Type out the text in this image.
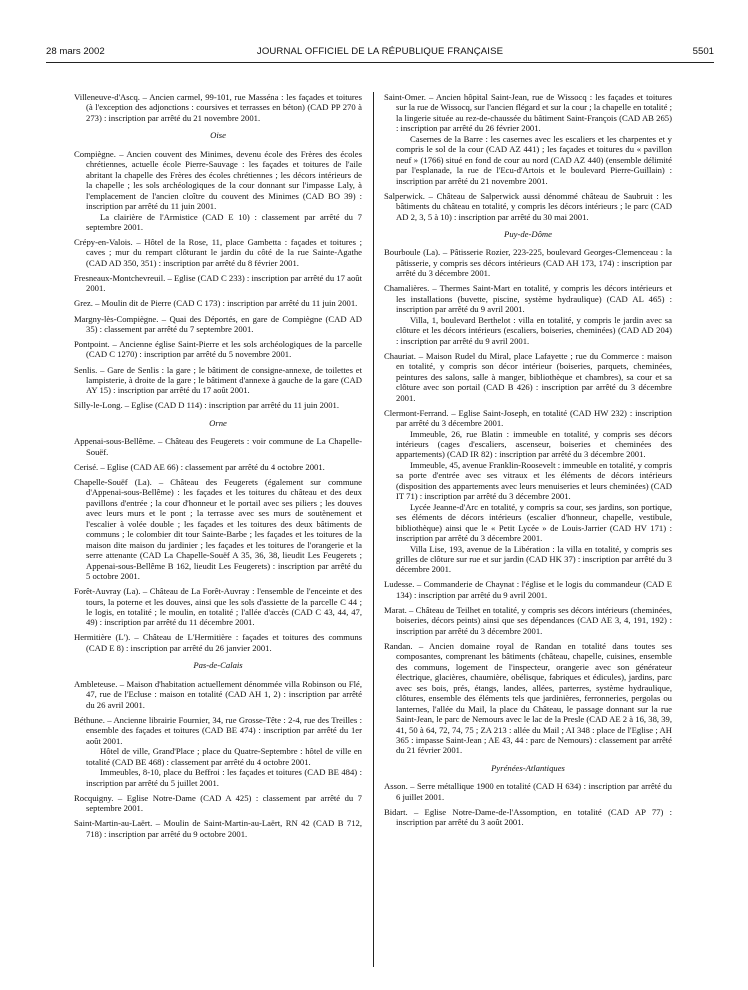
28 mars 2002	JOURNAL OFFICIEL DE LA RÉPUBLIQUE FRANÇAISE	5501

Villeneuve-d'Ascq. – Ancien carmel, 99-101, rue Masséna : les façades et toitures (à l'exception des adjonctions : coursives et terrasses en béton) (CAD PP 270 à 273) : inscription par arrêté du 21 novembre 2001.

Oise

Compiègne. – Ancien couvent des Minimes, devenu école des Frères des écoles chrétiennes, actuelle école Pierre-Sauvage : les façades et toitures de l'aile abritant la chapelle des Frères des écoles chrétiennes ; les décors intérieurs de la chapelle ; les sols archéologiques de la cour donnant sur l'impasse Laly, à l'emplacement de l'ancien cloître du couvent des Minimes (CAD BO 39) : inscription par arrêté du 11 juin 2001.

La clairière de l'Armistice (CAD E 10) : classement par arrêté du 7 septembre 2001.

Crépy-en-Valois. – Hôtel de la Rose, 11, place Gambetta : façades et toitures ; caves ; mur du rempart clôturant le jardin du côté de la rue Sainte-Agathe (CAD AD 350, 351) : inscription par arrêté du 8 février 2001.

Fresneaux-Montchevreuil. – Eglise (CAD C 233) : inscription par arrêté du 17 août 2001.

Grez. – Moulin dit de Pierre (CAD C 173) : inscription par arrêté du 11 juin 2001.

Margny-lès-Compiègne. – Quai des Déportés, en gare de Compiègne (CAD AD 35) : classement par arrêté du 7 septembre 2001.

Pontpoint. – Ancienne église Saint-Pierre et les sols archéologiques de la parcelle (CAD C 1270) : inscription par arrêté du 5 novembre 2001.

Senlis. – Gare de Senlis : la gare ; le bâtiment de consigne-annexe, de toilettes et lampisterie, à droite de la gare ; le bâtiment d'annexe à gauche de la gare (CAD AY 15) : inscription par arrêté du 17 août 2001.

Silly-le-Long. – Eglise (CAD D 114) : inscription par arrêté du 11 juin 2001.

Orne

Appenai-sous-Bellême. – Château des Feugerets : voir commune de La Chapelle-Souëf.

Cerisé. – Eglise (CAD AE 66) : classement par arrêté du 4 octobre 2001.

Chapelle-Souëf (La). – Château des Feugerets (également sur commune d'Appenai-sous-Bellême) : les façades et les toitures du château et des deux pavillons d'entrée ; la cour d'honneur et le portail avec ses piliers ; les douves avec leurs murs et le pont ; la terrasse avec ses murs de soutènement et l'escalier à volée double ; les façades et les toitures des deux bâtiments de communs ; le colombier dit tour Sainte-Barbe ; les façades et les toitures de la maison dite maison du jardinier ; les façades et les toitures de l'orangerie et la serre attenante (CAD La Chapelle-Souëf A 35, 36, 38, lieudit Les Feugerets ; Appenai-sous-Bellême B 162, lieudit Les Feugerets) : inscription par arrêté du 5 octobre 2001.

Forêt-Auvray (La). – Château de La Forêt-Auvray : l'ensemble de l'enceinte et des tours, la poterne et les douves, ainsi que les sols d'assiette de la parcelle C 44 ; le logis, en totalité ; le moulin, en totalité ; l'allée d'accès (CAD C 43, 44, 47, 49) : inscription par arrêté du 11 décembre 2001.

Hermitière (L'). – Château de L'Hermitière : façades et toitures des communs (CAD E 8) : inscription par arrêté du 26 janvier 2001.

Pas-de-Calais

Ambleteuse. – Maison d'habitation actuellement dénommée villa Robinson ou Flé, 47, rue de l'Ecluse : maison en totalité (CAD AH 1, 2) : inscription par arrêté du 26 avril 2001.

Béthune. – Ancienne librairie Fournier, 34, rue Grosse-Tête : 2-4, rue des Treilles : ensemble des façades et toitures (CAD BE 474) : inscription par arrêté du 1er août 2001.

Hôtel de ville, Grand'Place ; place du Quatre-Septembre : hôtel de ville en totalité (CAD BE 468) : classement par arrêté du 4 octobre 2001.

Immeubles, 8-10, place du Beffroi : les façades et toitures (CAD BE 484) : inscription par arrêté du 5 juillet 2001.

Rocquigny. – Eglise Notre-Dame (CAD A 425) : classement par arrêté du 7 septembre 2001.

Saint-Martin-au-Laërt. – Moulin de Saint-Martin-au-Laërt, RN 42 (CAD B 712, 718) : inscription par arrêté du 9 octobre 2001.

Saint-Omer. – Ancien hôpital Saint-Jean, rue de Wissocq : les façades et toitures sur la rue de Wissocq, sur l'ancien flégard et sur la cour ; la chapelle en totalité ; la lingerie située au rez-de-chaussée du bâtiment Saint-François (CAD AB 265) : inscription par arrêté du 26 février 2001.

Casernes de la Barre : les casernes avec les escaliers et les charpentes et y compris le sol de la cour (CAD AZ 441) ; les façades et toitures du « pavillon neuf » (1766) situé en fond de cour au nord (CAD AZ 440) (ensemble délimité par l'esplanade, la rue de l'Ecu-d'Artois et le boulevard Pierre-Guillain) : inscription par arrêté du 21 novembre 2001.

Salperwick. – Château de Salperwick aussi dénommé château de Saubruit : les bâtiments du château en totalité, y compris les décors intérieurs ; le parc (CAD AD 2, 3, 5 à 10) : inscription par arrêté du 30 mai 2001.

Puy-de-Dôme

Bourboule (La). – Pâtisserie Rozier, 223-225, boulevard Georges-Clemenceau : la pâtisserie, y compris ses décors intérieurs (CAD AH 173, 174) : inscription par arrêté du 3 décembre 2001.

Chamalières. – Thermes Saint-Mart en totalité, y compris les décors intérieurs et les installations (buvette, piscine, système hydraulique) (CAD AL 465) : inscription par arrêté du 9 avril 2001.

Villa, 1, boulevard Berthelot : villa en totalité, y compris le jardin avec sa clôture et les décors intérieurs (escaliers, boiseries, cheminées) (CAD AD 204) : inscription par arrêté du 9 avril 2001.

Chauriat. – Maison Rudel du Miral, place Lafayette ; rue du Commerce : maison en totalité, y compris son décor intérieur (boiseries, parquets, cheminées, peintures des salons, salle à manger, bibliothèque et chambres), sa cour et sa clôture avec son portail (CAD B 426) : inscription par arrêté du 3 décembre 2001.

Clermont-Ferrand. – Eglise Saint-Joseph, en totalité (CAD HW 232) : inscription par arrêté du 3 décembre 2001.

Immeuble, 26, rue Blatin : immeuble en totalité, y compris ses décors intérieurs (cages d'escaliers, ascenseur, boiseries et cheminées des appartements) (CAD IR 82) : inscription par arrêté du 3 décembre 2001.

Immeuble, 45, avenue Franklin-Roosevelt : immeuble en totalité, y compris sa porte d'entrée avec ses vitraux et les éléments de décors intérieurs (disposition des appartements avec leurs menuiseries et leurs cheminées) (CAD IT 71) : inscription par arrêté du 3 décembre 2001.

Lycée Jeanne-d'Arc en totalité, y compris sa cour, ses jardins, son portique, ses éléments de décors intérieurs (escalier d'honneur, chapelle, vestibule, bibliothèque) ainsi que le « Petit Lycée » de Louis-Jarrier (CAD HV 171) : inscription par arrêté du 3 décembre 2001.

Villa Lise, 193, avenue de la Libération : la villa en totalité, y compris ses grilles de clôture sur rue et sur jardin (CAD HK 37) : inscription par arrêté du 3 décembre 2001.

Ludesse. – Commanderie de Chaynat : l'église et le logis du commandeur (CAD E 134) : inscription par arrêté du 9 avril 2001.

Marat. – Château de Teilhet en totalité, y compris ses décors intérieurs (cheminées, boiseries, décors peints) ainsi que ses dépendances (CAD AE 3, 4, 191, 192) : inscription par arrêté du 3 décembre 2001.

Randan. – Ancien domaine royal de Randan en totalité dans toutes ses composantes, comprenant les bâtiments (château, chapelle, cuisines, ensemble des communs, logement de l'inspecteur, orangerie avec son générateur électrique, glacières, chaumière, obélisque, fabriques et édicules), jardins, parc avec ses bois, prés, étangs, landes, allées, parterres, système hydraulique, clôtures, ensemble des éléments tels que jardinières, ferronneries, pergolas ou lanternes, l'allée du Mail, la place du Château, le passage donnant sur la rue Saint-Jean, le parc de Nemours avec le lac de la Presle (CAD AE 2 à 16, 38, 39, 41, 50 à 64, 72, 74, 75 ; ZA 213 : allée du Mail ; AI 348 : place de l'Eglise ; AH 365 : impasse Saint-Jean ; AE 43, 44 : parc de Nemours) : classement par arrêté du 21 février 2001.

Pyrénées-Atlantiques

Asson. – Serre métallique 1900 en totalité (CAD H 634) : inscription par arrêté du 6 juillet 2001.

Bidart. – Eglise Notre-Dame-de-l'Assomption, en totalité (CAD AP 77) : inscription par arrêté du 3 août 2001.
